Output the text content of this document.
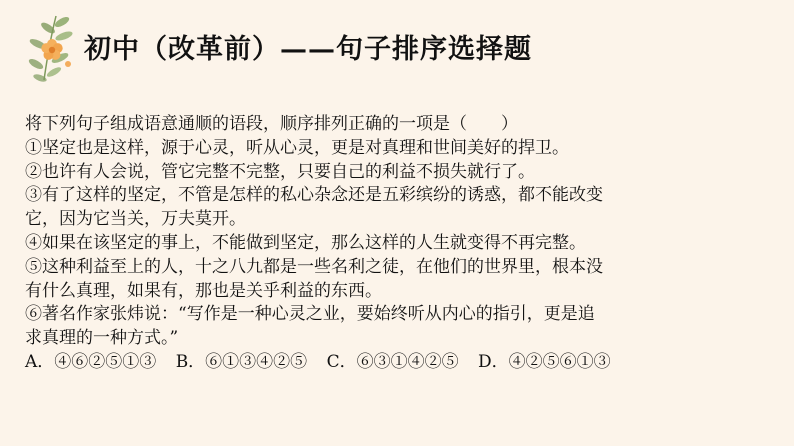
初中（改革前）——句子排序选择题
将下列句子组成语意通顺的语段，顺序排列正确的一项是（　　）
①坚定也是这样，源于心灵，听从心灵，更是对真理和世间美好的捍卫。
②也许有人会说，管它完整不完整，只要自己的利益不损失就行了。
③有了这样的坚定，不管是怎样的私心杂念还是五彩缤纷的诱惑，都不能改变
它，因为它当关，万夫莫开。
④如果在该坚定的事上，不能做到坚定，那么这样的人生就变得不再完整。
⑤这种利益至上的人，十之八九都是一些名利之徒，在他们的世界里，根本没
有什么真理，如果有，那也是关乎利益的东西。
⑥著名作家张炜说：“写作是一种心灵之业，要始终听从内心的指引，更是追
求真理的一种方式。”
A．④⑥②⑤①③ B．⑥①③④②⑤ C．⑥③①④②⑤ D．④②⑤⑥①③
